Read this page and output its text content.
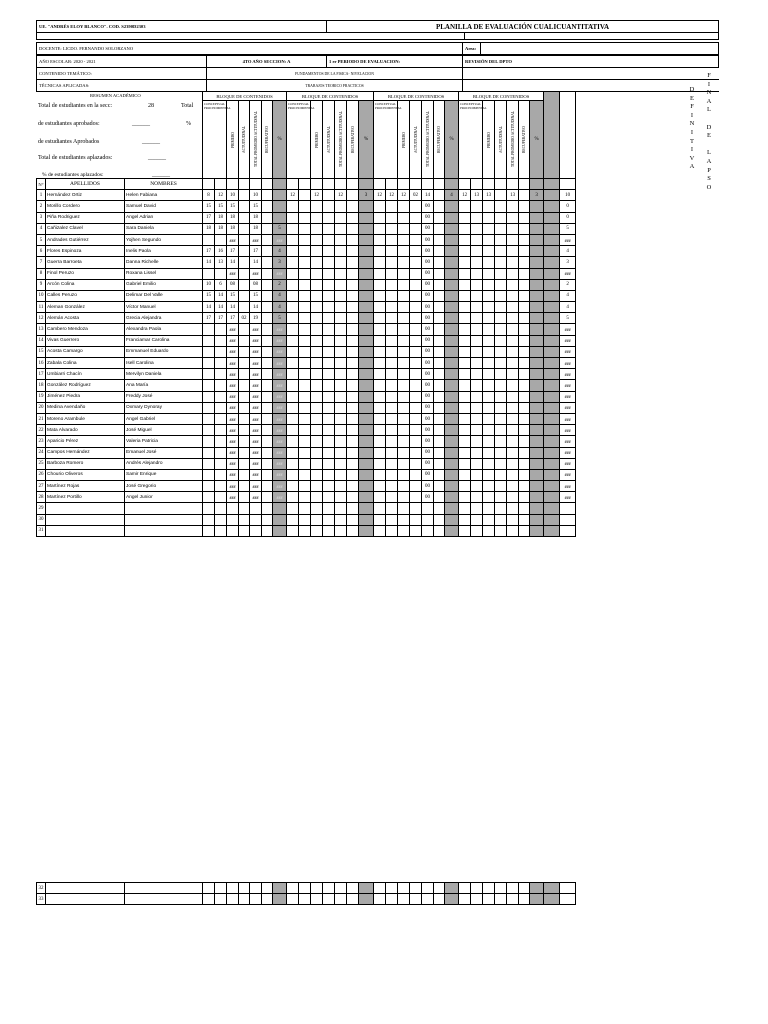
UE. "ANDRÉS ELOY BLANCO". COD. S2390D2303	PLANILLA DE EVALUACIÓN CUALICUANTITATIVA	

DOCENTE: LICDO. FERNANDO SOLORZANO	Area:	
AÑO ESCOLAR: 2020 - 2021	4TO AÑO SECCION: A	1 er PERIODO DE EVALUACION:	REVISIÓN DEL DPTO
CONTENIDO TEMÁTICO:	FUNDAMENTOS DE LA FISICA- NIVELACION		
TÉCNICAS APLICADAS:	TRABAJOS TEORICO PRACTICOS		
RESUMEN ACADÉMICO
Total de estudiantes en la secc:	28	Total
de estudiantes aprobados:	______	%
de estudiantes Aprobados	______
Total de estudiantes aplazados:	______
% de estudiantes aplazados:	______
			BLOQUE DE CONTENIDOS							BLOQUE DE CONTENIDOS							BLOQUE DE CONTENIDOS							BLOQUE DE CONTENIDOS								

			CONCEPTUAL PROCEDIMENTAL		PRIMERO	ACTUITUDINAL	TOTAL PROMEDIO ACTITUDINAL	RECUPERATIVO	%	CONCEPTUAL PROCEDIMENTAL		PRIMERO	ACTUITUDINAL	TOTAL PROMEDIO ACTITUDINAL	RECUPERATIVO	%	CONCEPTUAL PROCEDIMENTAL		PRIMERO	ACTUITUDINAL	TOTAL PROMEDIO ACTITUDINAL	RECUPERATIVO	%	CONCEPTUAL PROCEDIMENTAL		PRIMERO	ACTUITUDINAL	TOTAL PROMEDIO ACTITUDINAL	RECUPERATIVO	%		
N°	APELLIDOS	NOMBRES																														
1	Hernández Ortiz	Helen Fabiana	8	12	10		10			12		12		12		3	12	12	12	02	14		4	12	13	13		13		3		10
2	Morillo Cordero	Samuel David	15	15	15		15														00											0
3	Piña Rodriguez	Angel Adrian	17	18	18		18														00											0
4	Cañizalez Clavel	Sara Daniela	18	18	18		18		5												00											5
5	Andrades Gutiérrez	Yojhen Segundo			###		###		###												00											###
6	Flores Espinoza	Inelis Paola	17	16	17		17		4												00											4
7	Guerra Barroeta	Danna Richelle	14	13	14		14		3												00											3
8	Finol Peruzo	Roxana Lissel			###		###		###												00											###
9	Arcón Colina	Gabriel Emilio	10	6	08		08		2												00											2
10	Calles Peruzo	Delimar Del Valle	15	14	15		15		4												00											4
11	Aleman González	Víctor Manuel	14	14	14		14		4												00											4
12	Alemán Acosta	Grecia Alejandra	17	17	17	02	19		5												00											5
13	Cambero Mendoza	Alexandra Paola			###		###		###												00											###
14	Vivas Guerrero	Franciamar Carolina			###		###		###												00											###
15	Acosta Camargo	Emmanuel Eduardo			###		###		###												00											###
16	Zabala Colina	Isell Carolina			###		###		###												00											###
17	Umbiarri Chacín	Mervilyn Daniela			###		###		###												00											###
18	González Rodríguez	Ana María			###		###		###												00											###
19	Jiménez Piedra	Freddy José			###		###		###												00											###
20	Medina Avendaño	Oxmary Dynoray			###		###		###												00											###
21	Moreno Arambule	Angel Gabriel			###		###		###												00											###
22	Mata Alvarado	José Miguel			###		###		###												00											###
23	Aparicio Pérez	Valeria Patricia			###		###		###												00											###
24	Campos Hernández	Emanuel José			###		###		###												00											###
25	Barboza Romero	Andrés Alejandro			###		###		###												00											###
26	Chourio Oliveros	Samir Enrique			###		###		###												00											###
27	Martínez Rojas	José Gregorio			###		###		###												00											###
28	Martínez Portillo	Angel Junior			###		###		###												00											###
29																																
30																																
31																																
D
E
F
I
N
I
T
I
V
A
F
I
N
A
L

D
E

L
A
P
S
O
32																																
33																																
